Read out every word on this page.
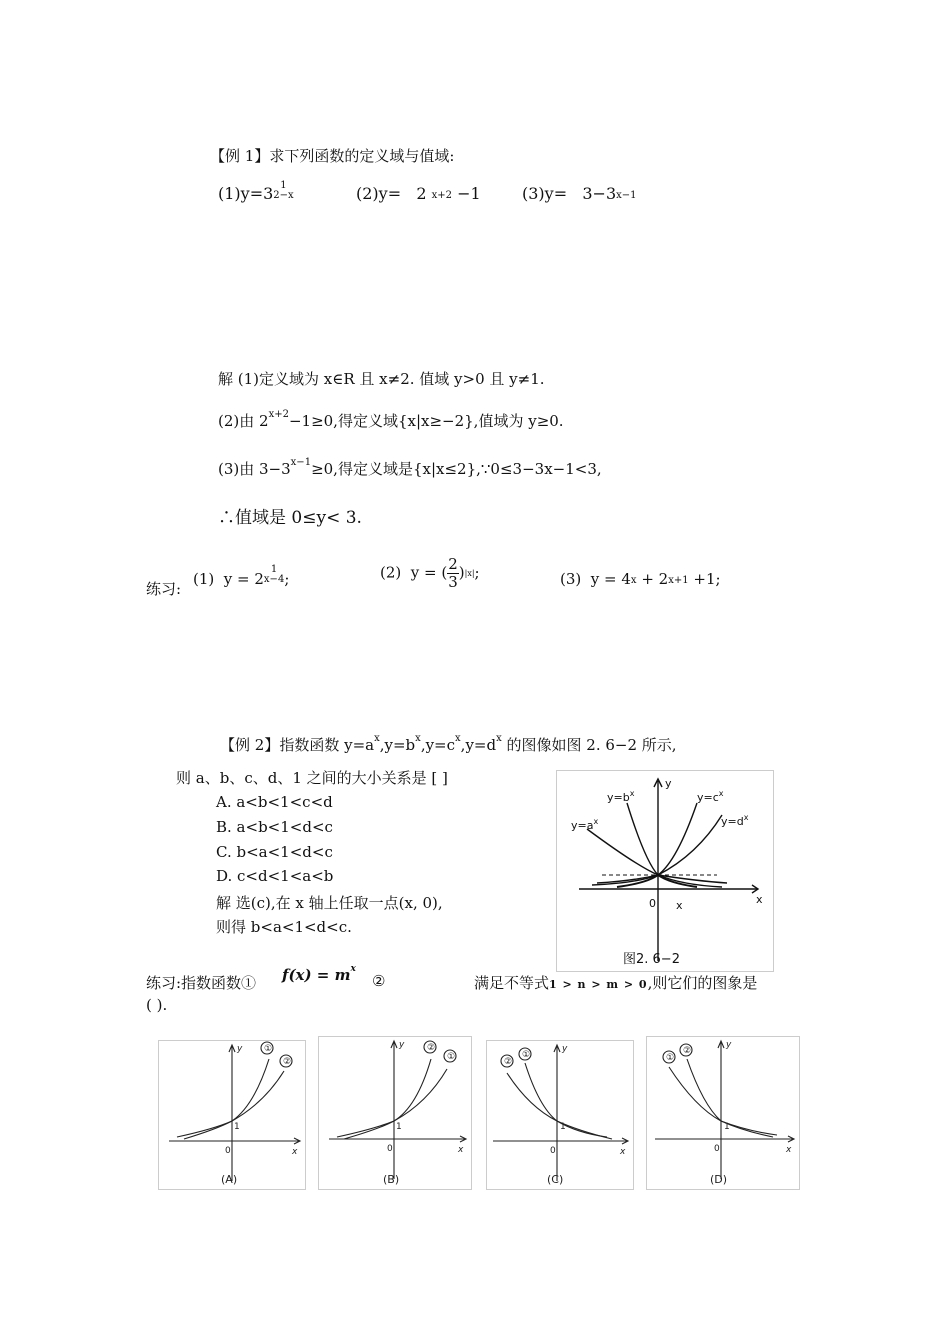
【例 1】求下列函数的定义域与值域:
(1)y=3 1
2−x	(2)y= 2 x+2 −1	(3)y= 3−3x−1
解 (1)定义域为 x∈R 且 x≠2. 值域 y>0 且 y≠1.
(2)由 $2^{x+2}-1\ge 0$,得定义域{x|x≥−2},值域为 y≥0.
(3)由 $3-3^{x-1}\ge 0$,得定义域是{x|x≤2},∵0≤3−3x−1<3,
∴值域是 0≤y< 3.
练习:
(1) y = 2
1
x−4 ;	(2) y = ( $\frac{2}{3} )|x|$;	(3) y = 4x + 2x+1 +1;
【例 2】指数函数 $y=a^x,y=b^x,y=c^x,y=d^x$ 的图像如图 2. 6−2 所示,
则 a、b、c、d、1 之间的大小关系是 [ ]
A. a<b<1<c<d
B. a<b<1<d<c
C. b<a<1<d<c
D. c<d<1<a<b
解 选(c),在 x 轴上任取一点(x, 0),
则得 b<a<1<d<c.
$y=a^x$
$y=b^x$	$y=c^x$
$y=d^x$
y
x
0 x
图2. 6−2
练习:指数函数① $f(x) = m^x$
②	满足不等式1 > n > m > 0,则它们的图象是
( ).
①
②
y
x
0
1
(A)
②
①
y
x
0
1
(B)
②
①
y
x
0
1
(C)
①
②
y
x
0
1
(D)
